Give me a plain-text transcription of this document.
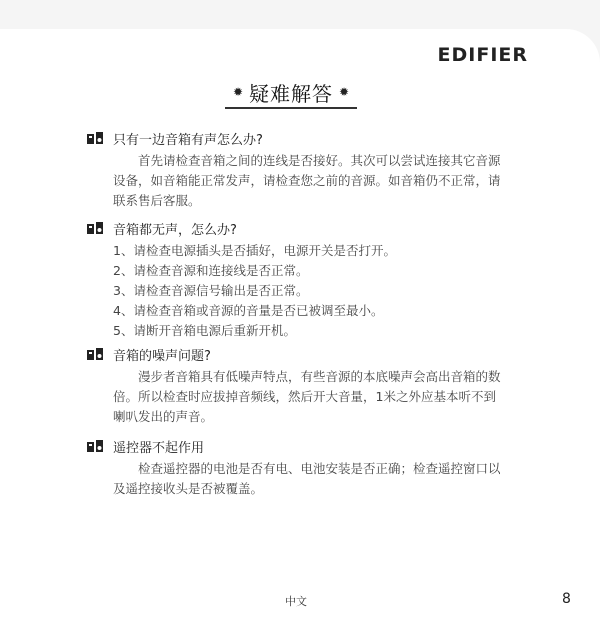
EDIFIER
✹ 疑难解答 ✹
只有一边音箱有声怎么办?

首先请检查音箱之间的连线是否接好。其次可以尝试连接其它音源设备，如音箱能正常发声，请检查您之前的音源。如音箱仍不正常，请联系售后客服。

音箱都无声，怎么办?
1、请检查电源插头是否插好，电源开关是否打开。
2、请检查音源和连接线是否正常。
3、请检查音源信号输出是否正常。
4、请检查音箱或音源的音量是否已被调至最小。
5、请断开音箱电源后重新开机。
音箱的噪声问题?

漫步者音箱具有低噪声特点，有些音源的本底噪声会高出音箱的数倍。所以检查时应拔掉音频线，然后开大音量，1米之外应基本听不到喇叭发出的声音。

遥控器不起作用

检查遥控器的电池是否有电、电池安装是否正确；检查遥控窗口以及遥控接收头是否被覆盖。

中文	8
